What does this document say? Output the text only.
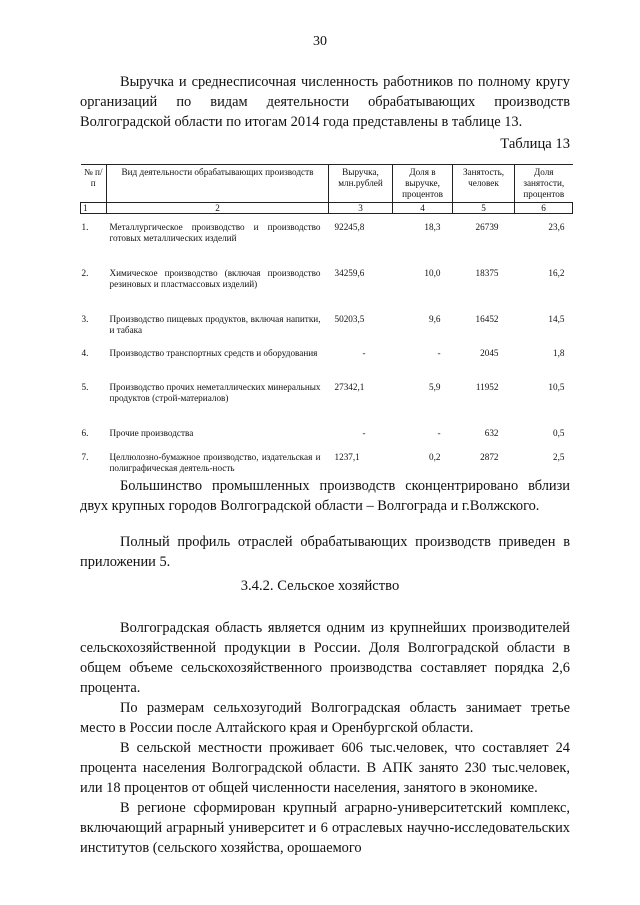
30

Выручка и среднесписочная численность работников по полному кругу организаций по видам деятельности обрабатывающих производств Волгоградской области по итогам 2014 года представлены в таблице 13.

Таблица 13
№ п/п	Вид деятельности обрабатывающих производств	Выручка, млн.рублей	Доля в выручке, процентов	Занятость, человек	Доля занятости, процентов
1	2	3	4	5	6

1.	Металлургическое производство и производство готовых металлических изделий	92245,8	18,3	26739	23,6
2.	Химическое производство (включая производство резиновых и пластмассовых изделий)	34259,6	10,0	18375	16,2
3.	Производство пищевых продуктов, включая напитки, и табака	50203,5	9,6	16452	14,5
4.	Производство транспортных средств и оборудования	-	-	2045	1,8
5.	Производство прочих неметаллических минеральных продуктов (строй-материалов)	27342,1	5,9	11952	10,5
6.	Прочие производства	-	-	632	0,5
7.	Целлюлозно-бумажное производство, издательская и полиграфическая деятель-ность	1237,1	0,2	2872	2,5

Большинство промышленных производств сконцентрировано вблизи двух крупных городов Волгоградской области – Волгограда и г.Волжского.

Полный профиль отраслей обрабатывающих производств приведен в приложении 5.

3.4.2. Сельское хозяйство

Волгоградская область является одним из крупнейших производителей сельскохозяйственной продукции в России. Доля Волгоградской области в общем объеме сельскохозяйственного производства составляет порядка 2,6 процента.

По размерам сельхозугодий Волгоградская область занимает третье место в России после Алтайского края и Оренбургской области.

В сельской местности проживает 606 тыс.человек, что составляет 24 процента населения Волгоградской области. В АПК занято 230 тыс.человек, или 18 процентов от общей численности населения, занятого в экономике.

В регионе сформирован крупный аграрно-университетский комплекс, включающий аграрный университет и 6 отраслевых научно-исследовательских институтов (сельского хозяйства, орошаемого
